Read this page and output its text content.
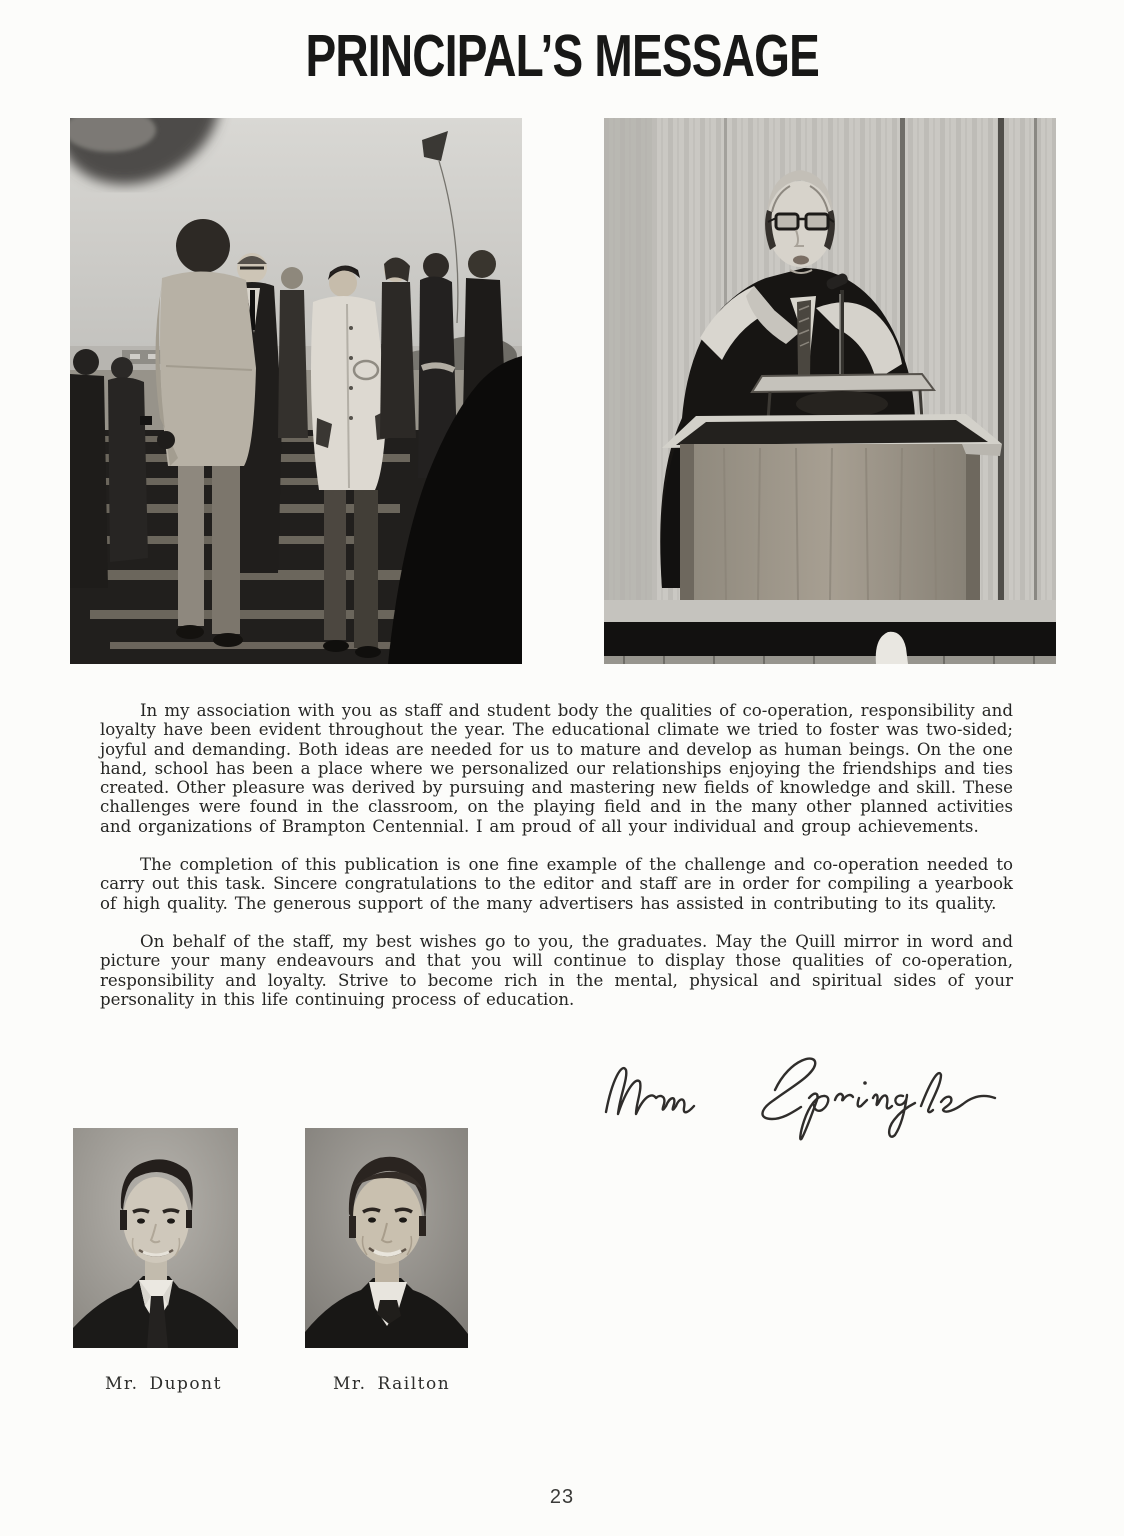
PRINCIPAL’S MESSAGE

In my association with you as staff and student body the qualities of co-operation, responsibility and loyalty have been evident throughout the year. The educational climate we tried to foster was two-sided; joyful and demanding. Both ideas are needed for us to mature and develop as human beings. On the one hand, school has been a place where we personalized our relationships enjoying the friendships and ties created. Other pleasure was derived by pursuing and mastering new fields of knowledge and skill. These challenges were found in the classroom, on the playing field and in the many other planned activities and organizations of Brampton Centennial. I am proud of all your individual and group achievements.

The completion of this publication is one fine example of the challenge and co-operation needed to carry out this task. Sincere congratulations to the editor and staff are in order for compiling a yearbook of high quality. The generous support of the many advertisers has assisted in contributing to its quality.

On behalf of the staff, my best wishes go to you, the graduates. May the Quill mirror in word and picture your many endeavours and that you will continue to display those qualities of co-operation, responsibility and loyalty. Strive to become rich in the mental, physical and spiritual sides of your personality in this life continuing process of education.

Mr. Dupont	Mr. Railton
23
